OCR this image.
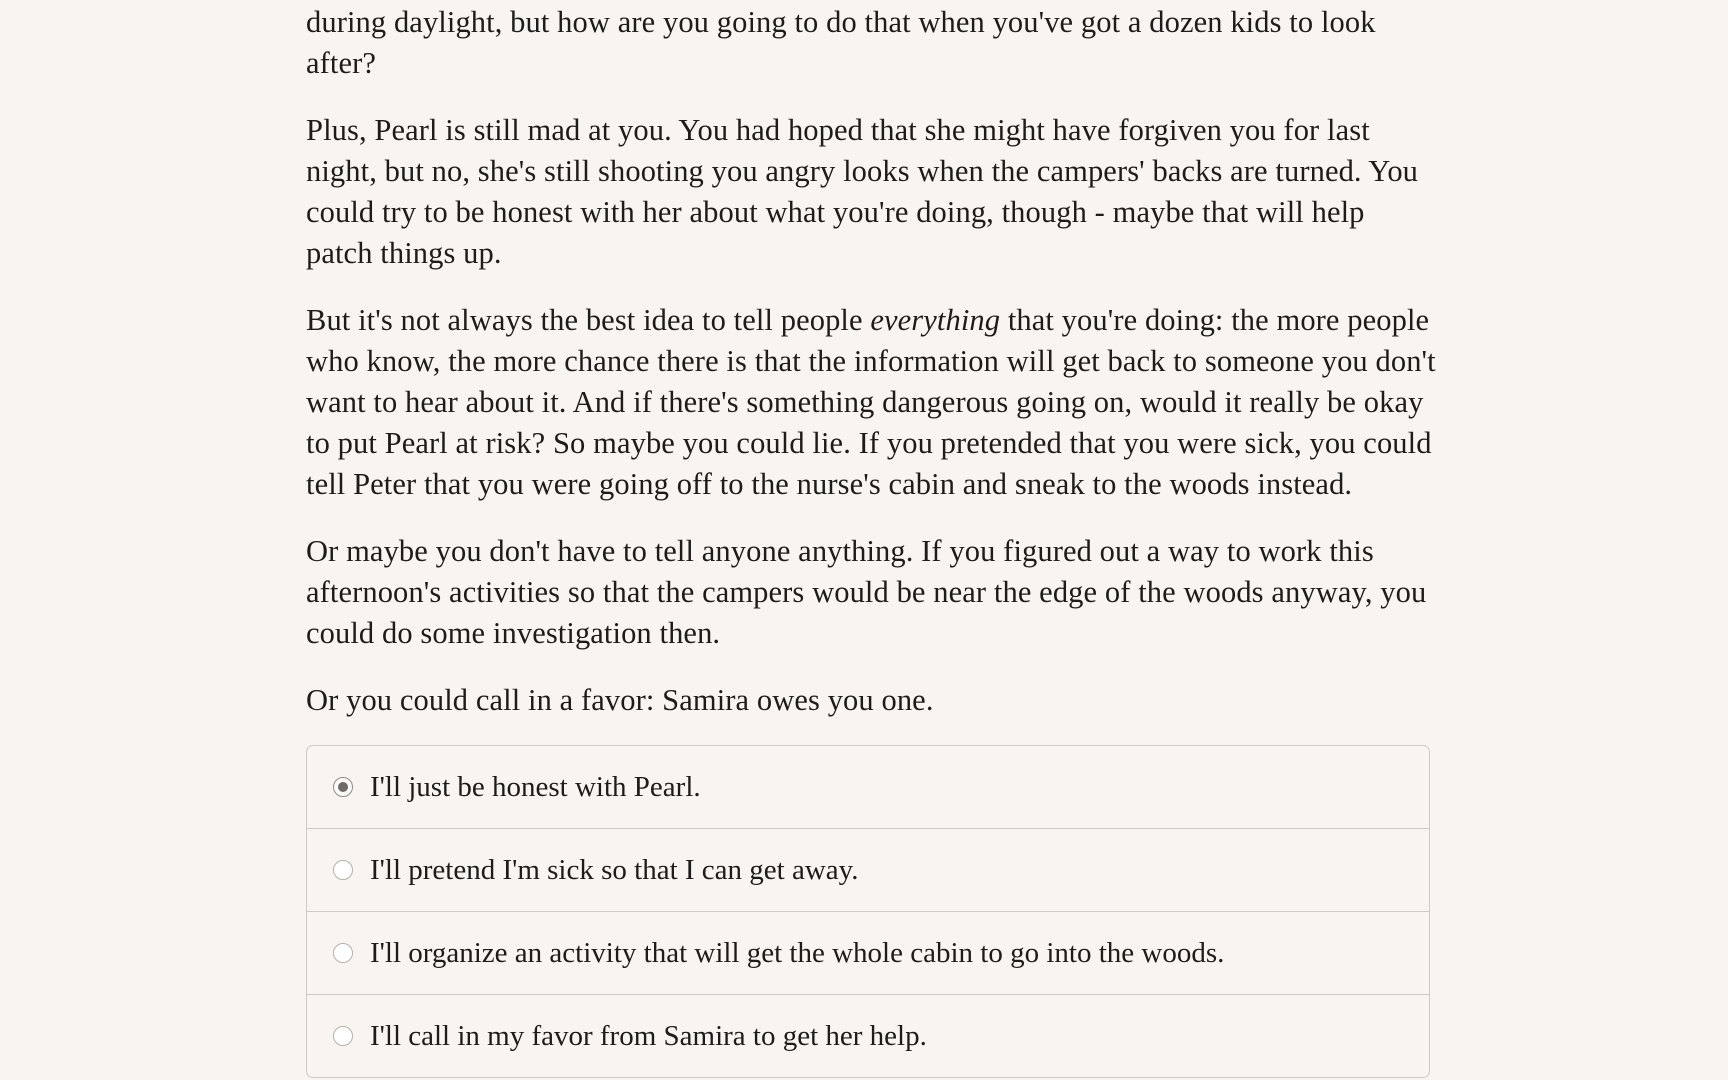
during daylight, but how are you going to do that when you've got a dozen kids to look after?

Plus, Pearl is still mad at you. You had hoped that she might have forgiven you for last night, but no, she's still shooting you angry looks when the campers' backs are turned. You could try to be honest with her about what you're doing, though - maybe that will help patch things up.

But it's not always the best idea to tell people everything that you're doing: the more people who know, the more chance there is that the information will get back to someone you don't want to hear about it. And if there's something dangerous going on, would it really be okay to put Pearl at risk? So maybe you could lie. If you pretended that you were sick, you could tell Peter that you were going off to the nurse's cabin and sneak to the woods instead.

Or maybe you don't have to tell anyone anything. If you figured out a way to work this afternoon's activities so that the campers would be near the edge of the woods anyway, you could do some investigation then.

Or you could call in a favor: Samira owes you one.

I'll just be honest with Pearl.
I'll pretend I'm sick so that I can get away.
I'll organize an activity that will get the whole cabin to go into the woods.
I'll call in my favor from Samira to get her help.
